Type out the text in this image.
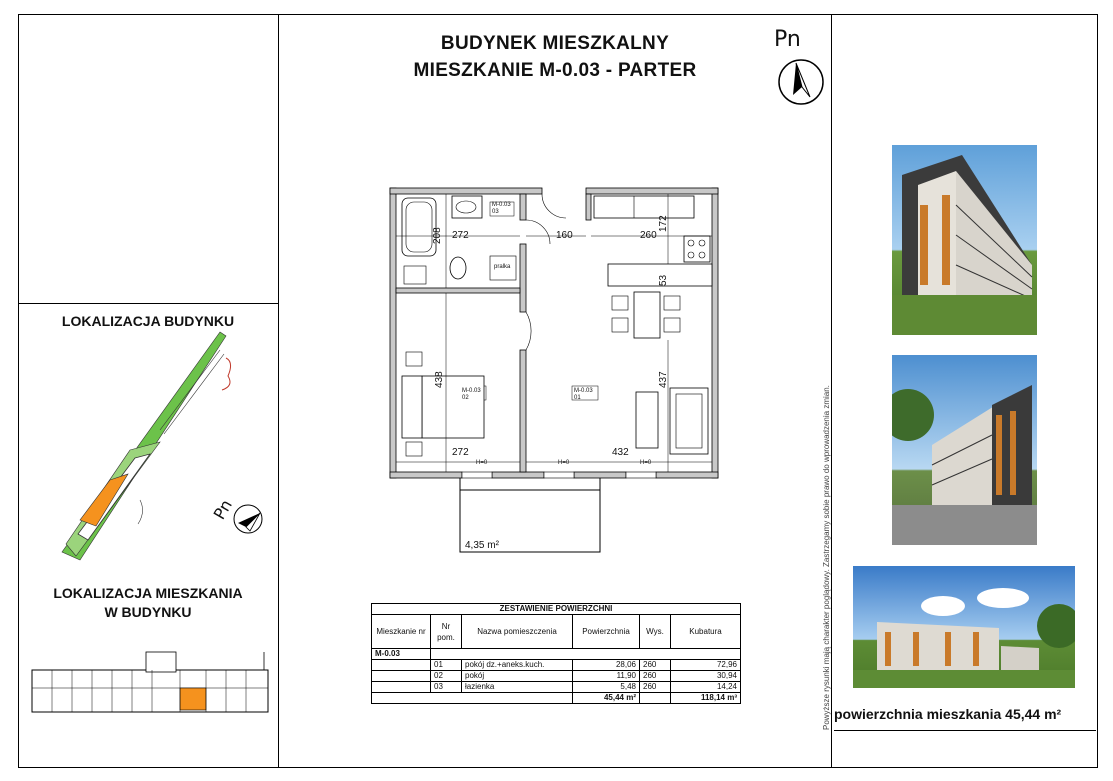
BUDYNEK MIESZKALNY
MIESZKANIE M-0.03 - PARTER
Pn
LOKALIZACJA BUDYNKU
Pn
LOKALIZACJA MIESZKANIA
W BUDYNKU
M-0.03
03
M-0.03
02
M-0.03
01
pralka
272	160	260
272	432
208
172
53
438	437
H=0	H=0	H=0
4,35 m²
ZESTAWIENIE POWIERZCHNI					
Mieszkanie nr	Nr pom.	Nazwa pomieszczenia	Powierzchnia	Wys.	Kubatura
M-0.03					
	01	pokój dz.+aneks.kuch.	28,06	260	72,96
	02	pokój	11,90	260	30,94
	03	łazienka	5,48	260	14,24
			45,44 m²		118,14 m³	Powyższe rysunki mają charakter poglądowy. Zastrzegamy sobie prawo do wprowadzenia zmian. powierzchnia mieszkania 45,44 m²
